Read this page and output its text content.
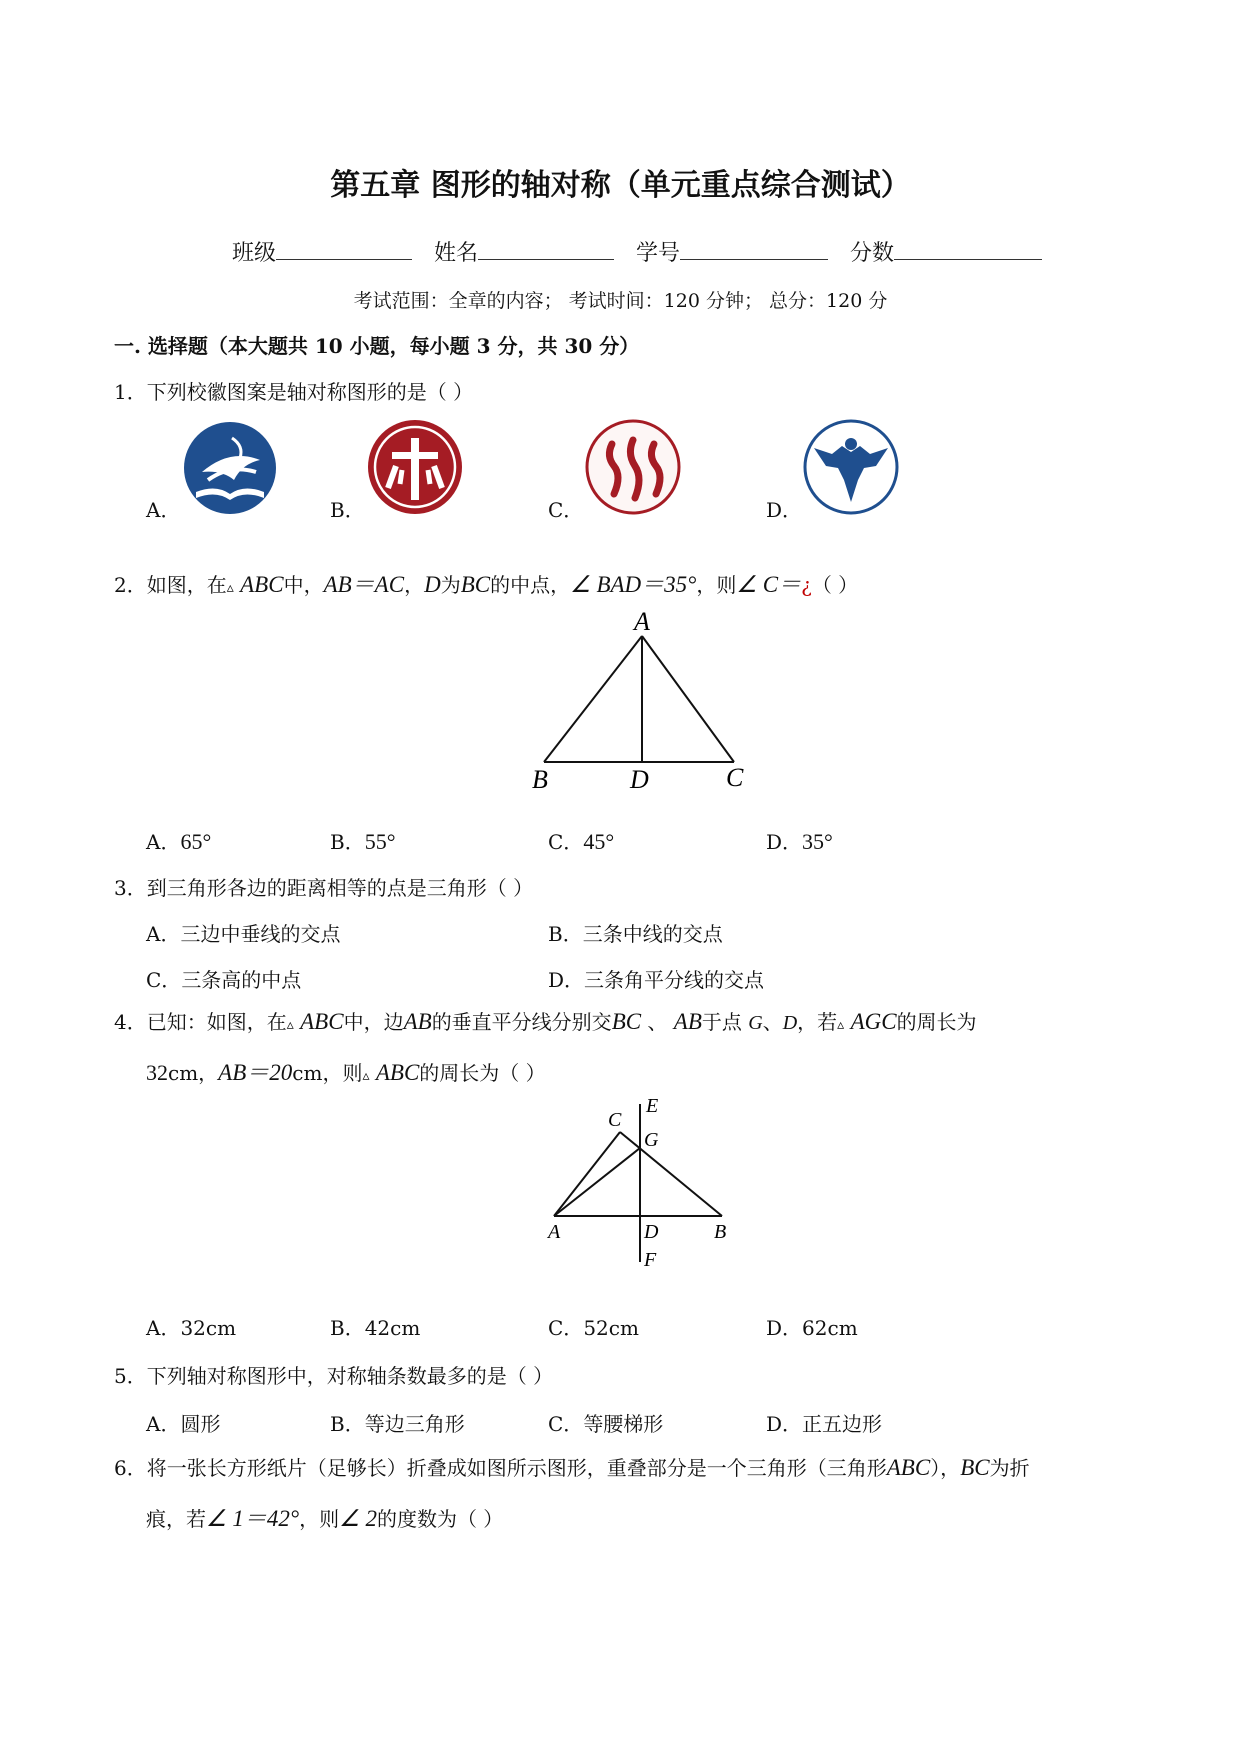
第五章 图形的轴对称（单元重点综合测试）
班级	姓名	学号	分数
考试范围：全章的内容； 考试时间：120 分钟； 总分：120 分
一. 选择题（本大题共 10 小题，每小题 3 分，共 30 分）
1．下列校徽图案是轴对称图形的是（ ）
A．	B．	C．	D．
2．如图，在▵ ABC中，AB＝AC，D为BC的中点，∠ BAD＝35°，则∠ C＝¿（ ）
A
B	D	C
A．65°	B．55°	C．45°	D．35°
3．到三角形各边的距离相等的点是三角形（ ）
A．三边中垂线的交点	B．三条中线的交点
C．三条高的中点	D．三条角平分线的交点
4．已知：如图，在▵ ABC中，边AB的垂直平分线分别交BC 、 AB于点 G、D，若▵ AGC的周长为
32cm，AB＝20cm，则▵ ABC的周长为（ ）
C
E
G
A	D	B
F
A．32cm	B．42cm	C．52cm	D．62cm
5．下列轴对称图形中，对称轴条数最多的是（ ）
A．圆形	B．等边三角形	C．等腰梯形	D．正五边形
6．将一张长方形纸片（足够长）折叠成如图所示图形，重叠部分是一个三角形（三角形ABC），BC为折
痕，若∠ 1＝42°，则∠ 2的度数为（ ）
